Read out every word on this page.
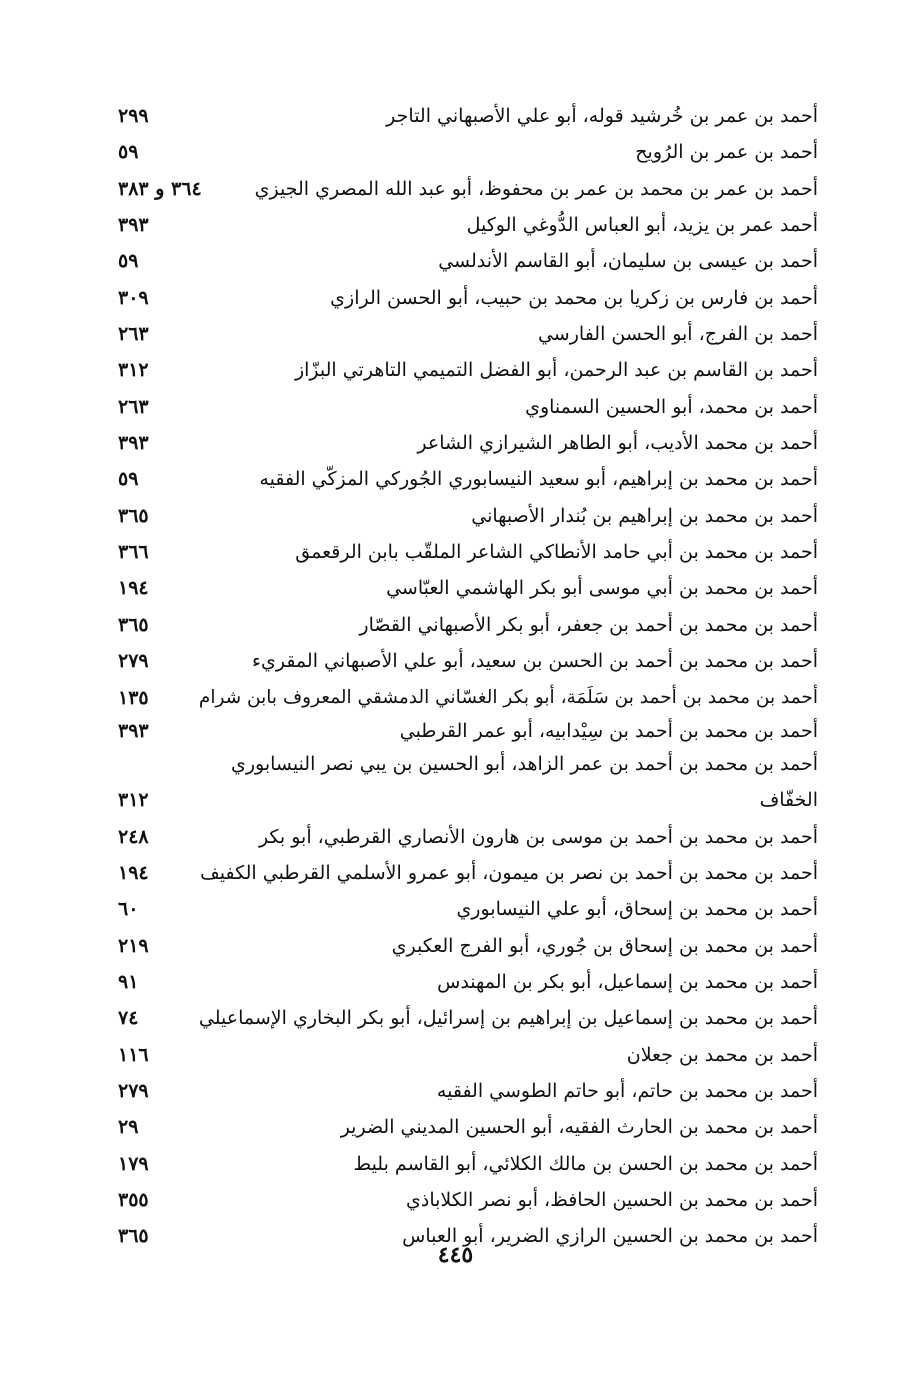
أحمد بن عمر بن خُرشيد قوله، أبو علي الأصبهاني التاجر
٢٩٩
أحمد بن عمر بن الرُويح
٥٩
أحمد بن عمر بن محمد بن عمر بن محفوظ، أبو عبد الله المصري الجيزي
٣٦٤ و ٣٨٣
أحمد عمر بن يزيد، أبو العباس الدُّوغي الوكيل
٣٩٣
أحمد بن عيسى بن سليمان، أبو القاسم الأندلسي
٥٩
أحمد بن فارس بن زكريا بن محمد بن حبيب، أبو الحسن الرازي
٣٠٩
أحمد بن الفرج، أبو الحسن الفارسي
٢٦٣
أحمد بن القاسم بن عبد الرحمن، أبو الفضل التميمي التاهرتي البزّاز
٣١٢
أحمد بن محمد، أبو الحسين السمناوي
٢٦٣
أحمد بن محمد الأديب، أبو الطاهر الشيرازي الشاعر
٣٩٣
أحمد بن محمد بن إبراهيم، أبو سعيد النيسابوري الجُوركي المزكّي الفقيه
٥٩
أحمد بن محمد بن إبراهيم بن بُندار الأصبهاني
٣٦٥
أحمد بن محمد بن أبي حامد الأنطاكي الشاعر الملقّب بابن الرقعمق
٣٦٦
أحمد بن محمد بن أبي موسى أبو بكر الهاشمي العبّاسي
١٩٤
أحمد بن محمد بن أحمد بن جعفر، أبو بكر الأصبهاني القصّار
٣٦٥
أحمد بن محمد بن أحمد بن الحسن بن سعيد، أبو علي الأصبهاني المقريء
٢٧٩
أحمد بن محمد بن أحمد بن سَلَمَة، أبو بكر الغسّاني الدمشقي المعروف بابن شرام
١٣٥
أحمد بن محمد بن أحمد بن سِيْدابيه، أبو عمر القرطبي
٣٩٣
أحمد بن محمد بن أحمد بن عمر الزاهد، أبو الحسين بن يبي نصر النيسابوري
الخفّاف
٣١٢
أحمد بن محمد بن أحمد بن موسى بن هارون الأنصاري القرطبي، أبو بكر
٢٤٨
أحمد بن محمد بن أحمد بن نصر بن ميمون، أبو عمرو الأسلمي القرطبي الكفيف
١٩٤
أحمد بن محمد بن إسحاق، أبو علي النيسابوري
٦٠
أحمد بن محمد بن إسحاق بن جُوري، أبو الفرج العكبري
٢١٩
أحمد بن محمد بن إسماعيل، أبو بكر بن المهندس
٩١
أحمد بن محمد بن إسماعيل بن إبراهيم بن إسرائيل، أبو بكر البخاري الإسماعيلي
٧٤
أحمد بن محمد بن جعلان
١١٦
أحمد بن محمد بن حاتم، أبو حاتم الطوسي الفقيه
٢٧٩
أحمد بن محمد بن الحارث الفقيه، أبو الحسين المديني الضرير
٢٩
أحمد بن محمد بن الحسن بن مالك الكلائي، أبو القاسم بليط
١٧٩
أحمد بن محمد بن الحسين الحافظ، أبو نصر الكلاباذي
٣٥٥
أحمد بن محمد بن الحسين الرازي الضرير، أبو العباس
٣٦٥
٤٤٥
